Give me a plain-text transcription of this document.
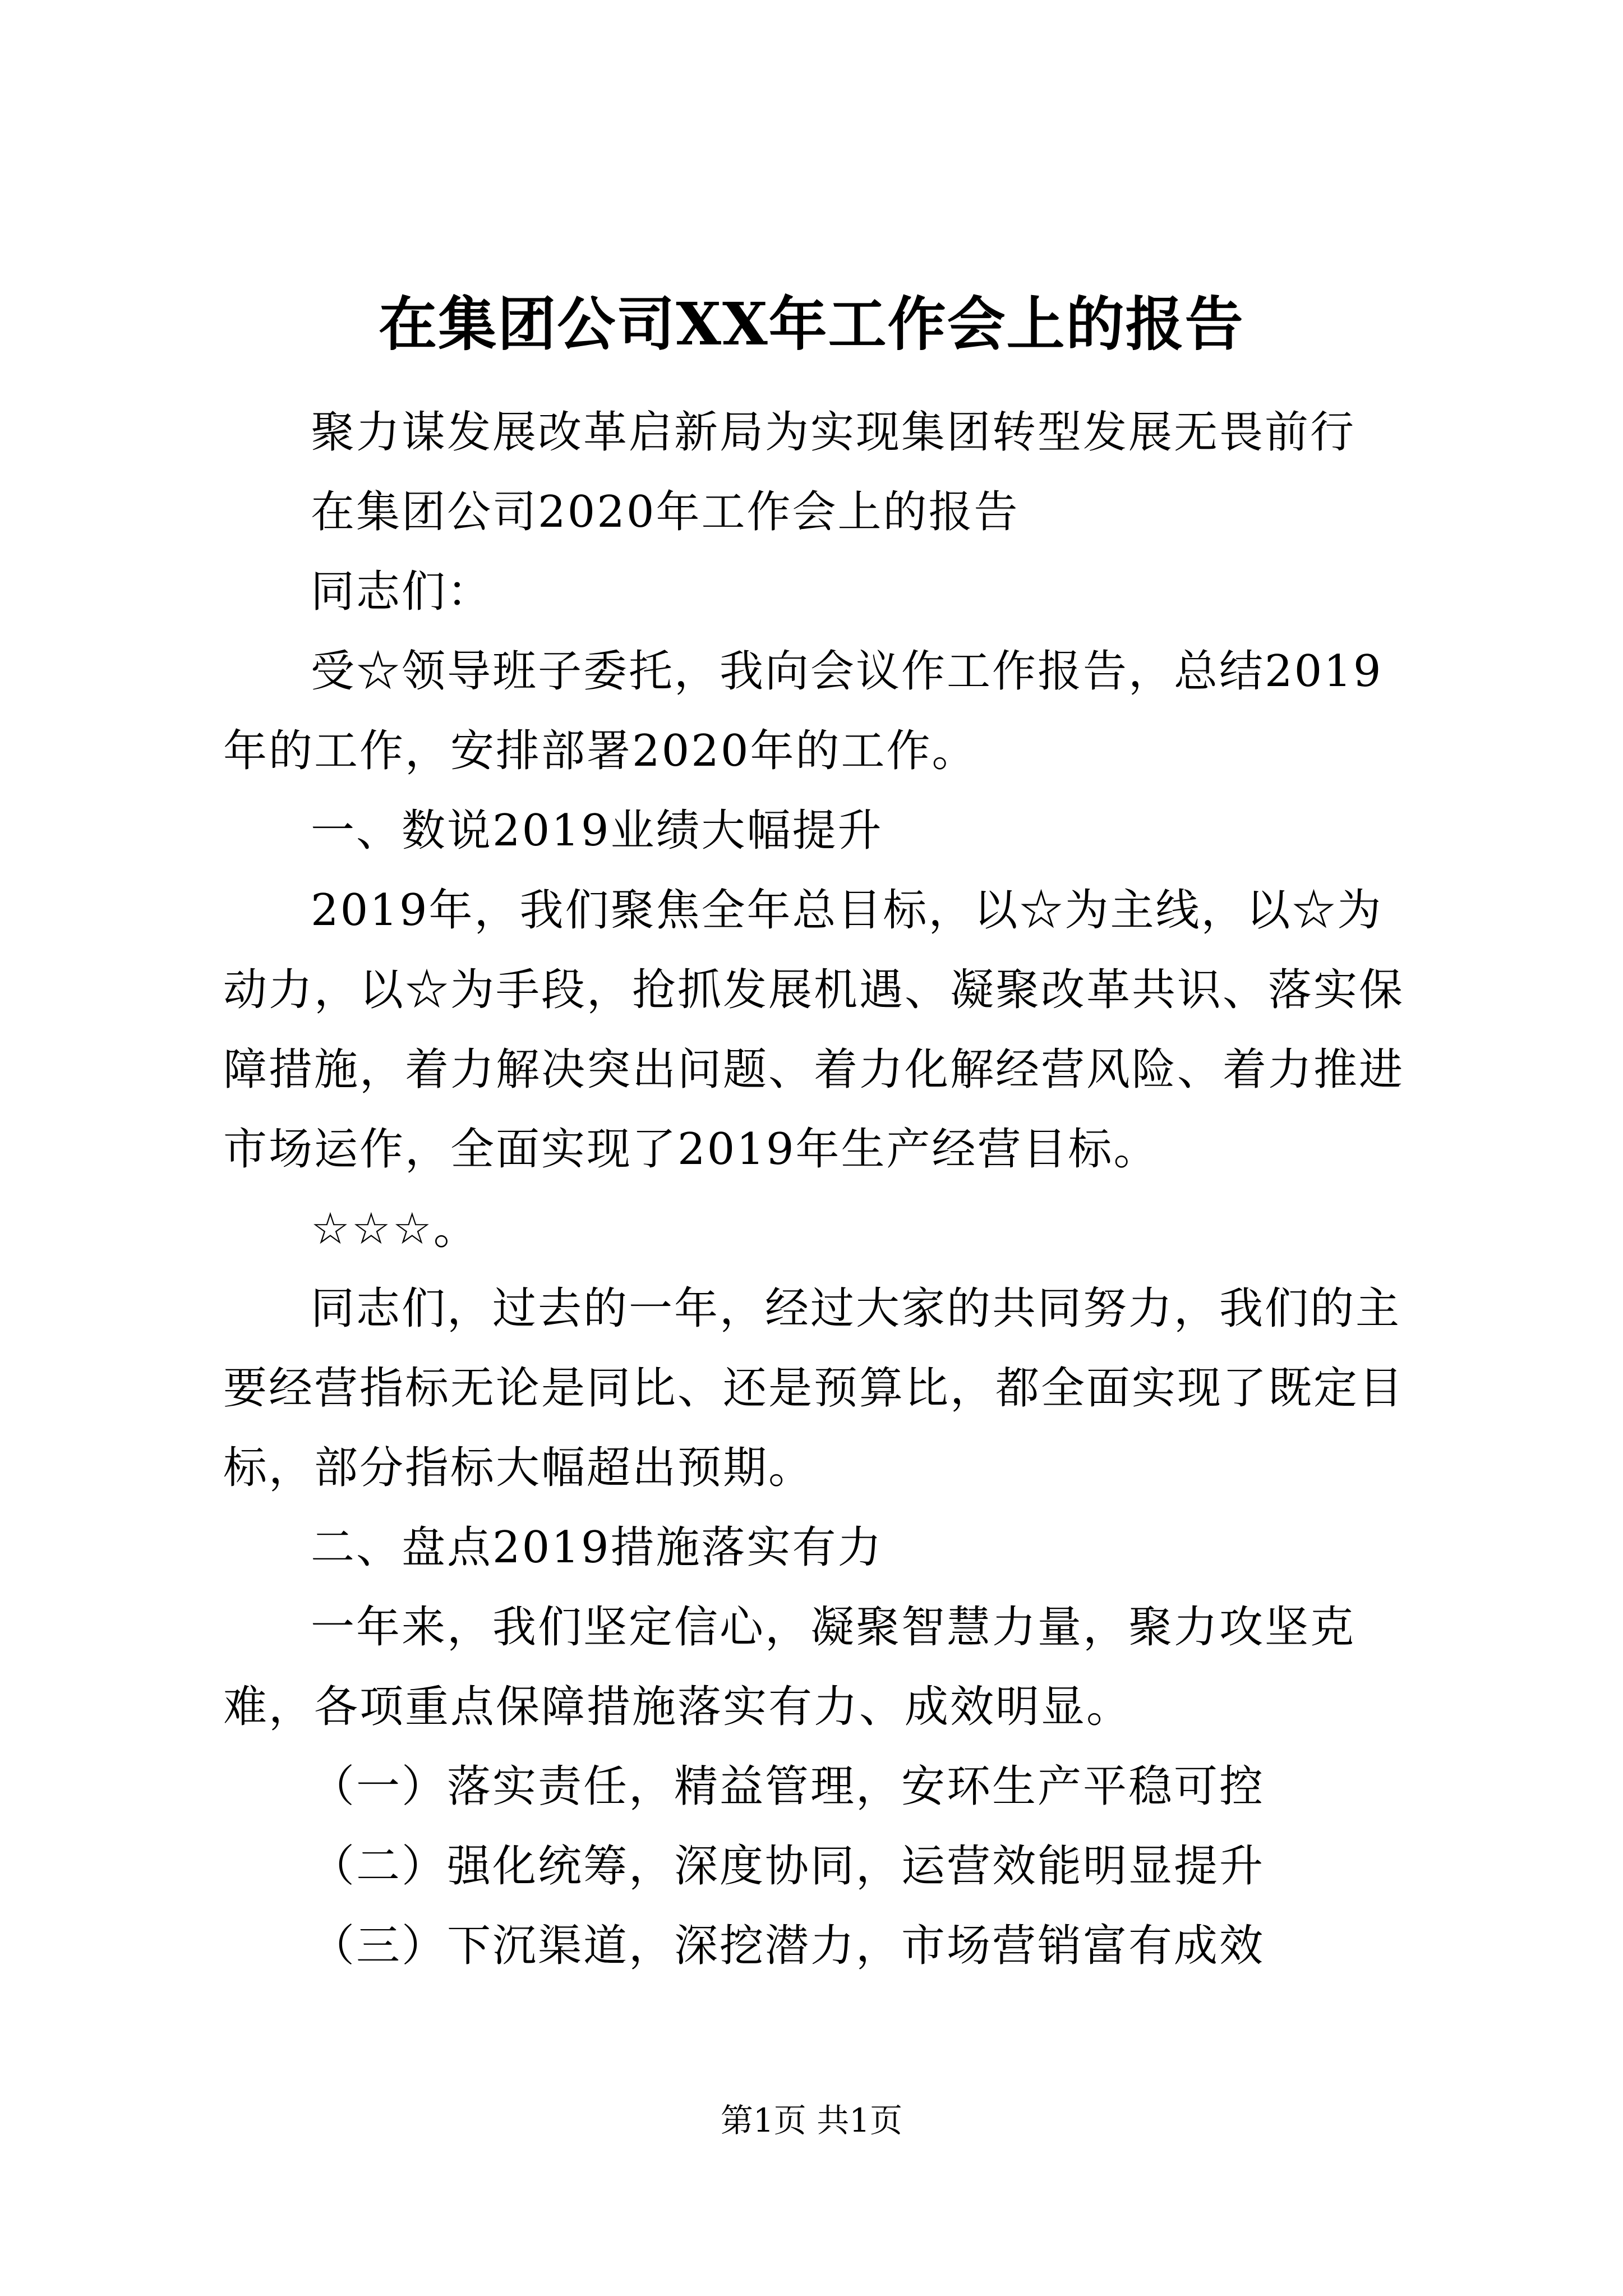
在集团公司XX年工作会上的报告

聚力谋发展改革启新局为实现集团转型发展无畏前行

在集团公司2020年工作会上的报告

同志们：

受☆领导班子委托，我向会议作工作报告，总结2019年的工作，安排部署2020年的工作。

一、数说2019业绩大幅提升

2019年，我们聚焦全年总目标，以☆为主线，以☆为动力，以☆为手段，抢抓发展机遇、凝聚改革共识、落实保障措施，着力解决突出问题、着力化解经营风险、着力推进市场运作，全面实现了2019年生产经营目标。

☆☆☆。

同志们，过去的一年，经过大家的共同努力，我们的主要经营指标无论是同比、还是预算比，都全面实现了既定目标，部分指标大幅超出预期。

二、盘点2019措施落实有力

一年来，我们坚定信心，凝聚智慧力量，聚力攻坚克难，各项重点保障措施落实有力、成效明显。

（一）落实责任，精益管理，安环生产平稳可控

（二）强化统筹，深度协同，运营效能明显提升

（三）下沉渠道，深挖潜力，市场营销富有成效

第1页 共1页
